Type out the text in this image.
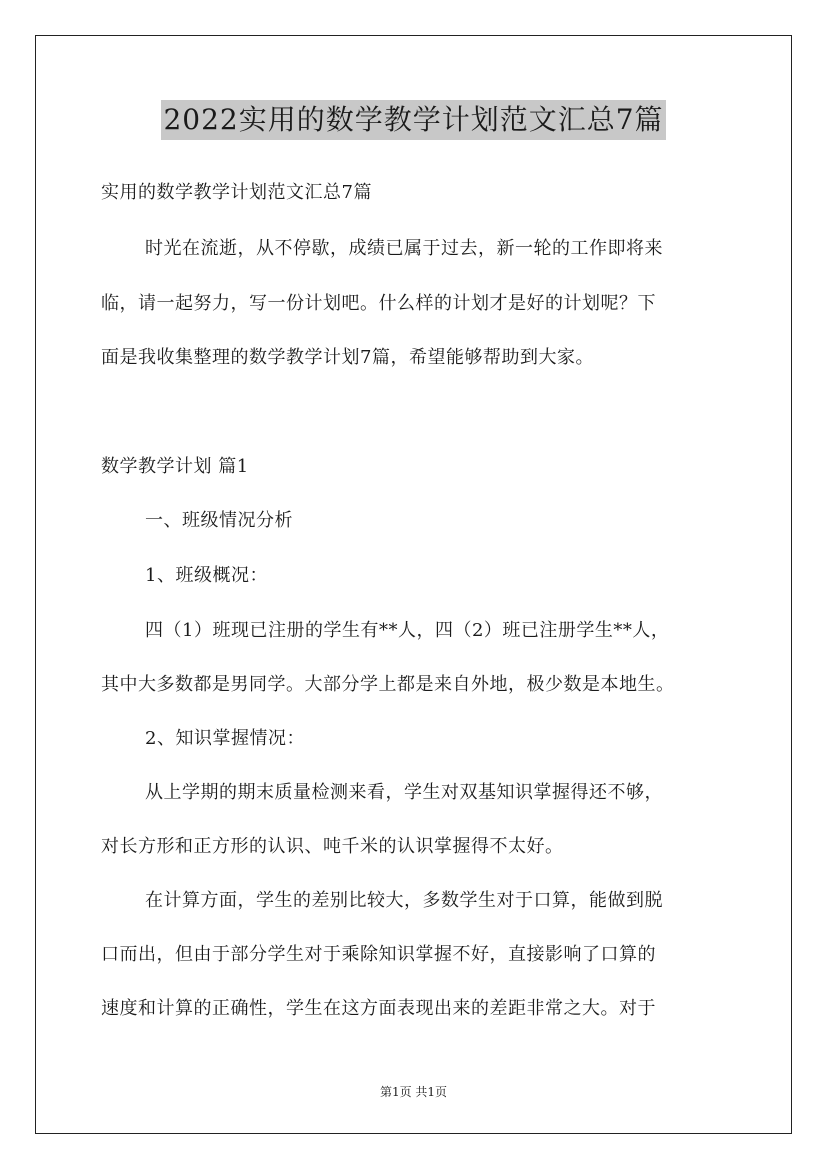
2022实用的数学教学计划范文汇总7篇
实用的数学教学计划范文汇总7篇
时光在流逝，从不停歇，成绩已属于过去，新一轮的工作即将来
临，请一起努力，写一份计划吧。什么样的计划才是好的计划呢？下
面是我收集整理的数学教学计划7篇，希望能够帮助到大家。
数学教学计划 篇1
一、班级情况分析
1、班级概况：
四（1）班现已注册的学生有**人，四（2）班已注册学生**人，
其中大多数都是男同学。大部分学上都是来自外地，极少数是本地生。
2、知识掌握情况：
从上学期的期末质量检测来看，学生对双基知识掌握得还不够，
对长方形和正方形的认识、吨千米的认识掌握得不太好。
在计算方面，学生的差别比较大，多数学生对于口算，能做到脱
口而出，但由于部分学生对于乘除知识掌握不好，直接影响了口算的
速度和计算的正确性，学生在这方面表现出来的差距非常之大。对于
第1页 共1页
